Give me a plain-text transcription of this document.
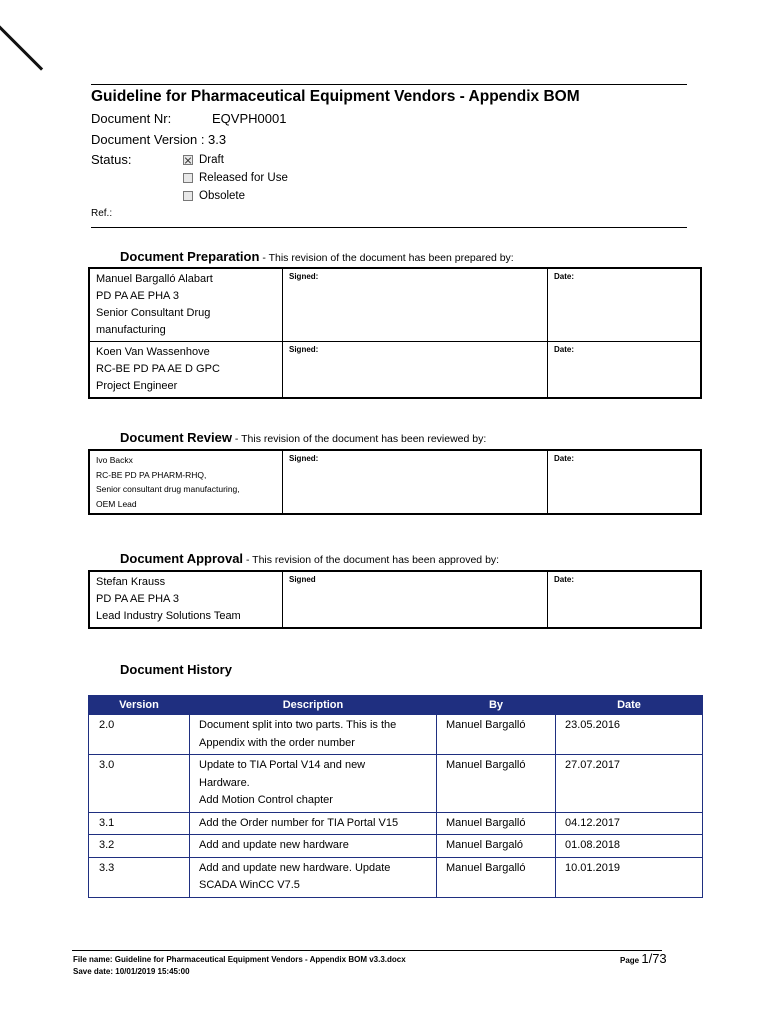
Guideline for Pharmaceutical Equipment Vendors - Appendix BOM
Document Nr:	EQVPH0001
Document Version : 3.3
Status:	Draft
Released for Use
Obsolete
Ref.:
Document Preparation - This revision of the document has been prepared by:
Manuel Bargalló Alabart
PD PA AE PHA 3
Senior Consultant Drug
manufacturing	Signed:	Date:

Koen Van Wassenhove
RC-BE PD PA AE D GPC
Project Engineer	Signed:	Date:
Document Review - This revision of the document has been reviewed by:
Ivo Backx
RC-BE PD PA PHARM-RHQ,
Senior consultant drug manufacturing,
OEM Lead
	Signed:	Date:
Document Approval - This revision of the document has been approved by:
Stefan Krauss
PD PA AE PHA 3
Lead Industry Solutions Team
	Signed	Date:
Document History
Version	Description	By	Date
2.0	Document split into two parts. This is the
Appendix with the order number	Manuel Bargalló	23.05.2016
3.0	Update to TIA Portal V14 and new
Hardware.
Add Motion Control chapter	Manuel Bargalló	27.07.2017
3.1	Add the Order number for TIA Portal V15	Manuel Bargalló	04.12.2017
3.2	Add and update new hardware	Manuel Bargaló	01.08.2018
3.3	Add and update new hardware. Update
SCADA WinCC V7.5	Manuel Bargalló	10.01.2019
File name: Guideline for Pharmaceutical Equipment Vendors - Appendix BOM v3.3.docx
Save date: 10/01/2019 15:45:00
Page 1/73
